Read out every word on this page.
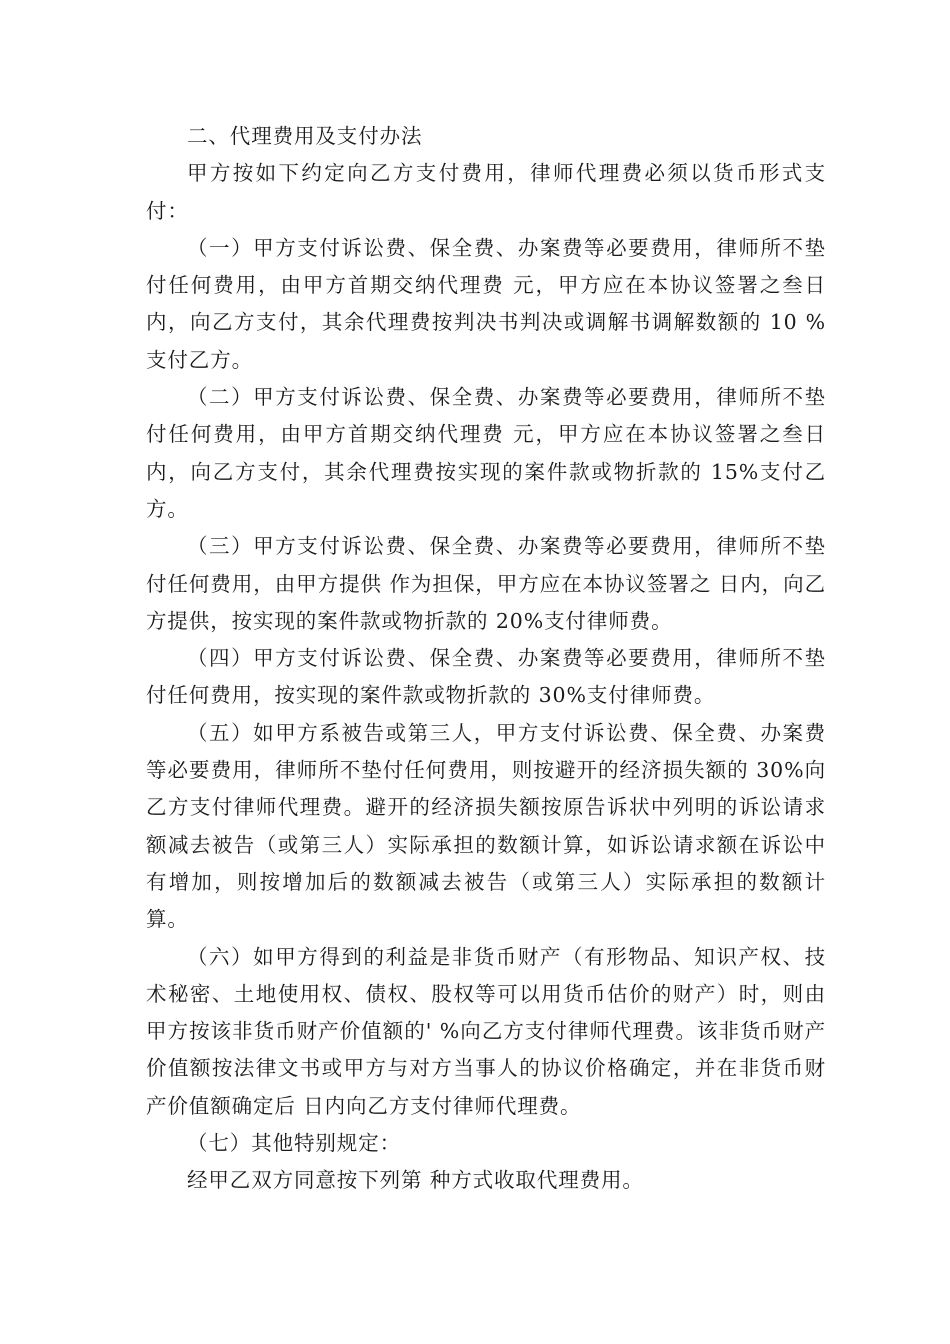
二、代理费用及支付办法

甲方按如下约定向乙方支付费用，律师代理费必须以货币形式支付：

（一）甲方支付诉讼费、保全费、办案费等必要费用，律师所不垫付任何费用，由甲方首期交纳代理费 元，甲方应在本协议签署之叁日内，向乙方支付，其余代理费按判决书判决或调解书调解数额的 10 %支付乙方。

（二）甲方支付诉讼费、保全费、办案费等必要费用，律师所不垫付任何费用，由甲方首期交纳代理费 元，甲方应在本协议签署之叁日内，向乙方支付，其余代理费按实现的案件款或物折款的 15%支付乙方。

（三）甲方支付诉讼费、保全费、办案费等必要费用，律师所不垫付任何费用，由甲方提供 作为担保，甲方应在本协议签署之 日内，向乙方提供，按实现的案件款或物折款的 20%支付律师费。

（四）甲方支付诉讼费、保全费、办案费等必要费用，律师所不垫付任何费用，按实现的案件款或物折款的 30%支付律师费。

（五）如甲方系被告或第三人，甲方支付诉讼费、保全费、办案费等必要费用，律师所不垫付任何费用，则按避开的经济损失额的 30%向乙方支付律师代理费。避开的经济损失额按原告诉状中列明的诉讼请求额减去被告（或第三人）实际承担的数额计算，如诉讼请求额在诉讼中有增加，则按增加后的数额减去被告（或第三人）实际承担的数额计算。

（六）如甲方得到的利益是非货币财产（有形物品、知识产权、技术秘密、土地使用权、债权、股权等可以用货币估价的财产）时，则由甲方按该非货币财产价值额的' %向乙方支付律师代理费。该非货币财产价值额按法律文书或甲方与对方当事人的协议价格确定，并在非货币财产价值额确定后 日内向乙方支付律师代理费。

（七）其他特别规定：

经甲乙双方同意按下列第 种方式收取代理费用。
